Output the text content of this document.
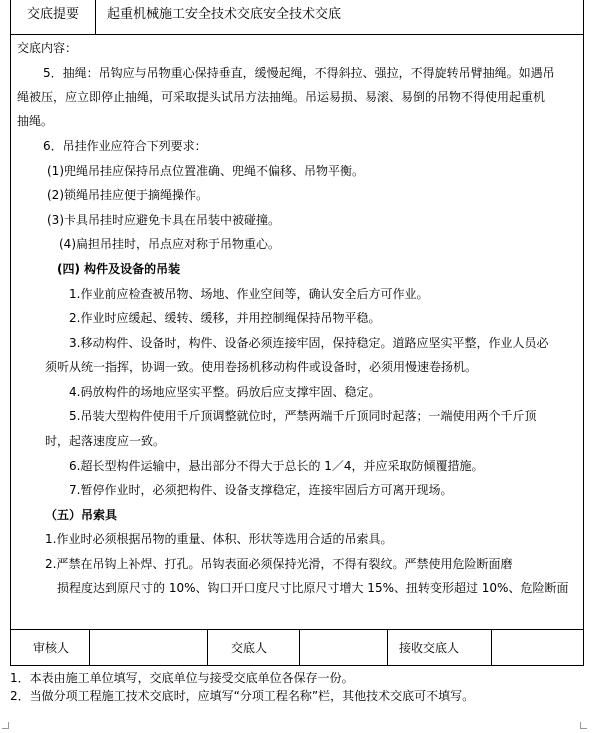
交底提要	起重机械施工安全技术交底安全技术交底
交底内容：
5．抽绳：吊钩应与吊物重心保持垂直，缓慢起绳，不得斜拉、强拉，不得旋转吊臂抽绳。如遇吊
绳被压，应立即停止抽绳，可采取提头试吊方法抽绳。吊运易损、易滚、易倒的吊物不得使用起重机
抽绳。
6．吊挂作业应符合下列要求：
(1)兜绳吊挂应保持吊点位置准确、兜绳不偏移、吊物平衡。
(2)锁绳吊挂应便于摘绳操作。
(3)卡具吊挂时应避免卡具在吊装中被碰撞。
(4)扁担吊挂时，吊点应对称于吊物重心。
(四) 构件及设备的吊装
1.作业前应检查被吊物、场地、作业空间等，确认安全后方可作业。
2.作业时应缓起、缓转、缓移，并用控制绳保持吊物平稳。
3.移动构件、设备时，构件、设备必须连接牢固，保持稳定。道路应坚实平整，作业人员必
须听从统一指挥，协调一致。使用卷扬机移动构件或设备时，必须用慢速卷扬机。
4.码放构件的场地应坚实平整。码放后应支撑牢固、稳定。
5.吊装大型构件使用千斤顶调整就位时，严禁两端千斤顶同时起落；一端使用两个千斤顶
时，起落速度应一致。
6.超长型构件运输中，悬出部分不得大于总长的 1／4，并应采取防倾覆措施。
7.暂停作业时，必须把构件、设备支撑稳定，连接牢固后方可离开现场。
（五）吊索具
1.作业时必须根据吊物的重量、体积、形状等选用合适的吊索具。
2.严禁在吊钩上补焊、打孔。吊钩表面必须保持光滑，不得有裂纹。严禁使用危险断面磨
损程度达到原尺寸的 10%、钩口开口度尺寸比原尺寸增大 15%、扭转变形超过 10%、危险断面
审核人	交底人	接收交底人
1．本表由施工单位填写，交底单位与接受交底单位各保存一份。
2．当做分项工程施工技术交底时，应填写“分项工程名称”栏，其他技术交底可不填写。
